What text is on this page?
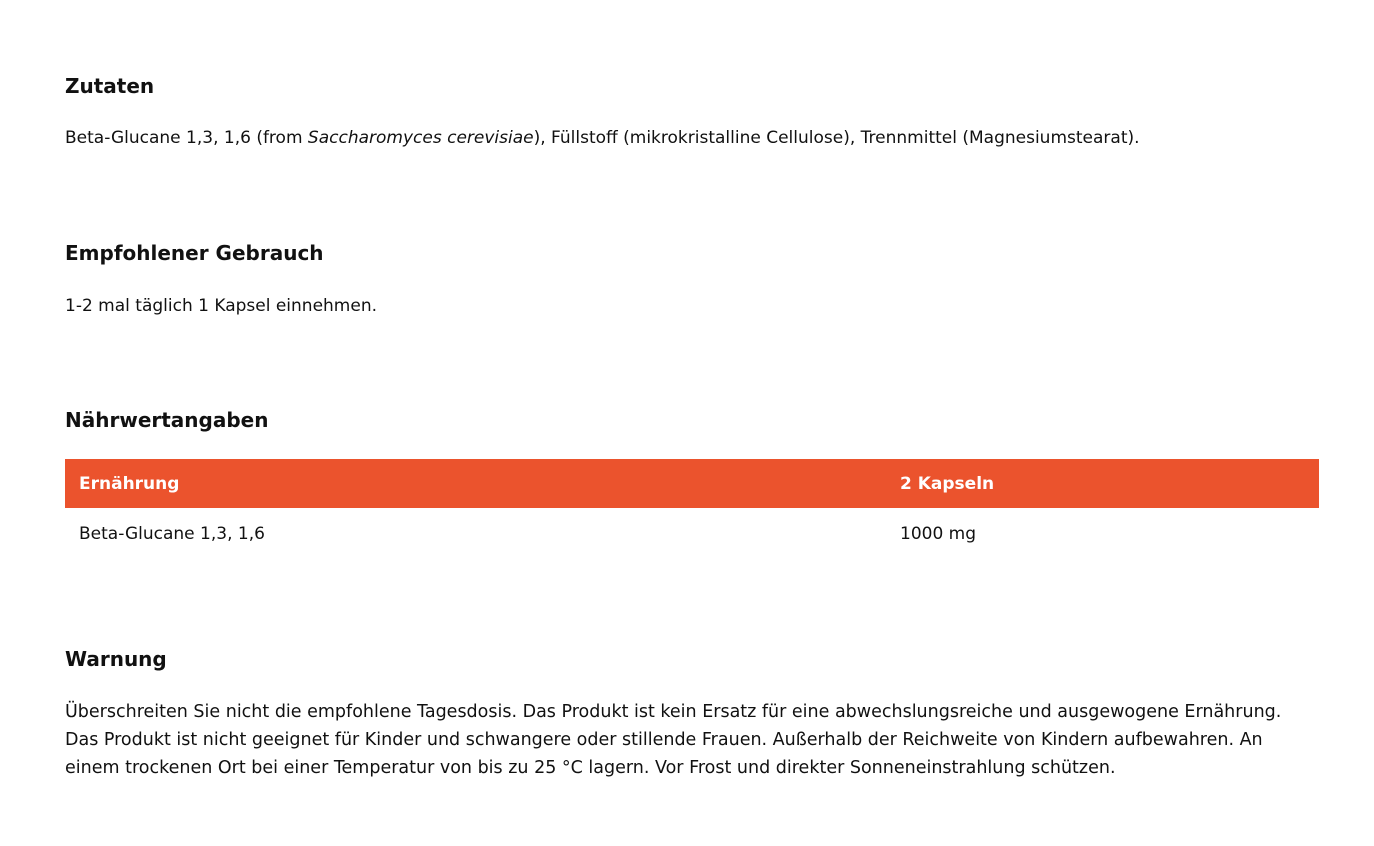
Zutaten

Beta-Glucane 1,3, 1,6 (from Saccharomyces cerevisiae), Füllstoff (mikrokristalline Cellulose), Trennmittel (Magnesiumstearat).

Empfohlener Gebrauch

1-2 mal täglich 1 Kapsel einnehmen.

Nährwertangaben
Ernährung	2 Kapseln
Beta-Glucane 1,3, 1,6	1000 mg
Warnung

Überschreiten Sie nicht die empfohlene Tagesdosis. Das Produkt ist kein Ersatz für eine abwechslungsreiche und ausgewogene Ernährung. Das Produkt ist nicht geeignet für Kinder und schwangere oder stillende Frauen. Außerhalb der Reichweite von Kindern aufbewahren. An einem trockenen Ort bei einer Temperatur von bis zu 25 °C lagern. Vor Frost und direkter Sonneneinstrahlung schützen.
